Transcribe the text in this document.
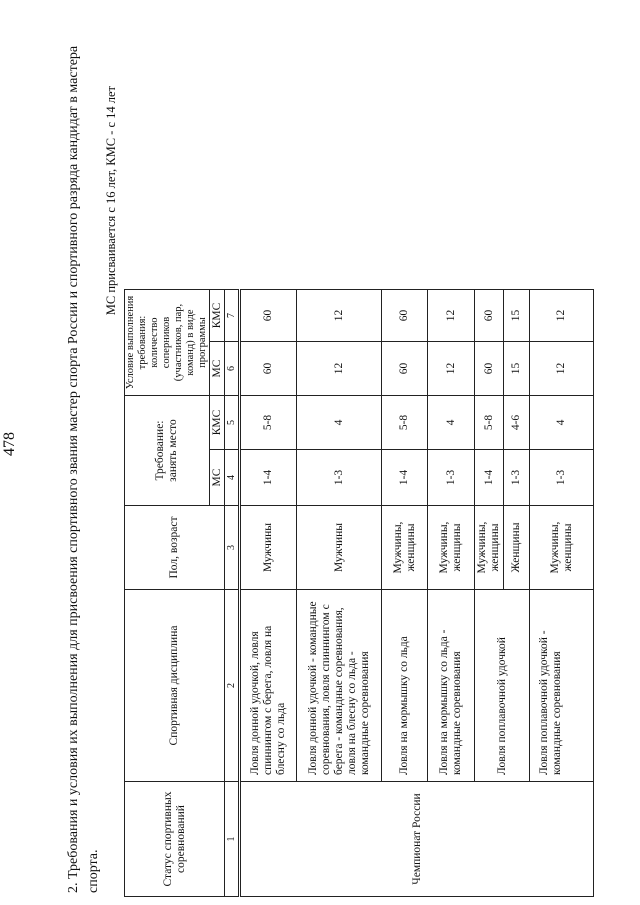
478	2. Требования и условия их выполнения для присвоения спортивного звания мастер спорта России и спортивного разряда кандидат в мастера спорта.
МС присваивается с 16 лет, КМС - с 14 лет
Статус спортивных соревнований	Спортивная дисциплина	Пол, возраст	Требование: занять место		Условие выполнения требования: количество соперников (участников, пар, команд) в виде программы	
			МС	КМС	МС	КМС
1	2	3	4	5	6	7
Чемпионат России	Ловля донной удочкой, ловля спиннингом с берега, ловля на блесну со льда	Мужчины	1-4	5-8	60	60
	Ловля донной удочкой - командные соревнования, ловля спиннингом с берега - командные соревнования, ловля на блесну со льда - командные соревнования	Мужчины	1-3	4	12	12
	Ловля на мормышку со льда	Мужчины, женщины	1-4	5-8	60	60
	Ловля на мормышку со льда - командные соревнования	Мужчины, женщины	1-3	4	12	12
	Ловля поплавочной удочкой	Мужчины, женщины	1-4	5-8	60	60
		Женщины	1-3	4-6	15	15
	Ловля поплавочной удочкой - командные соревнования	Мужчины, женщины	1-3	4	12	12
